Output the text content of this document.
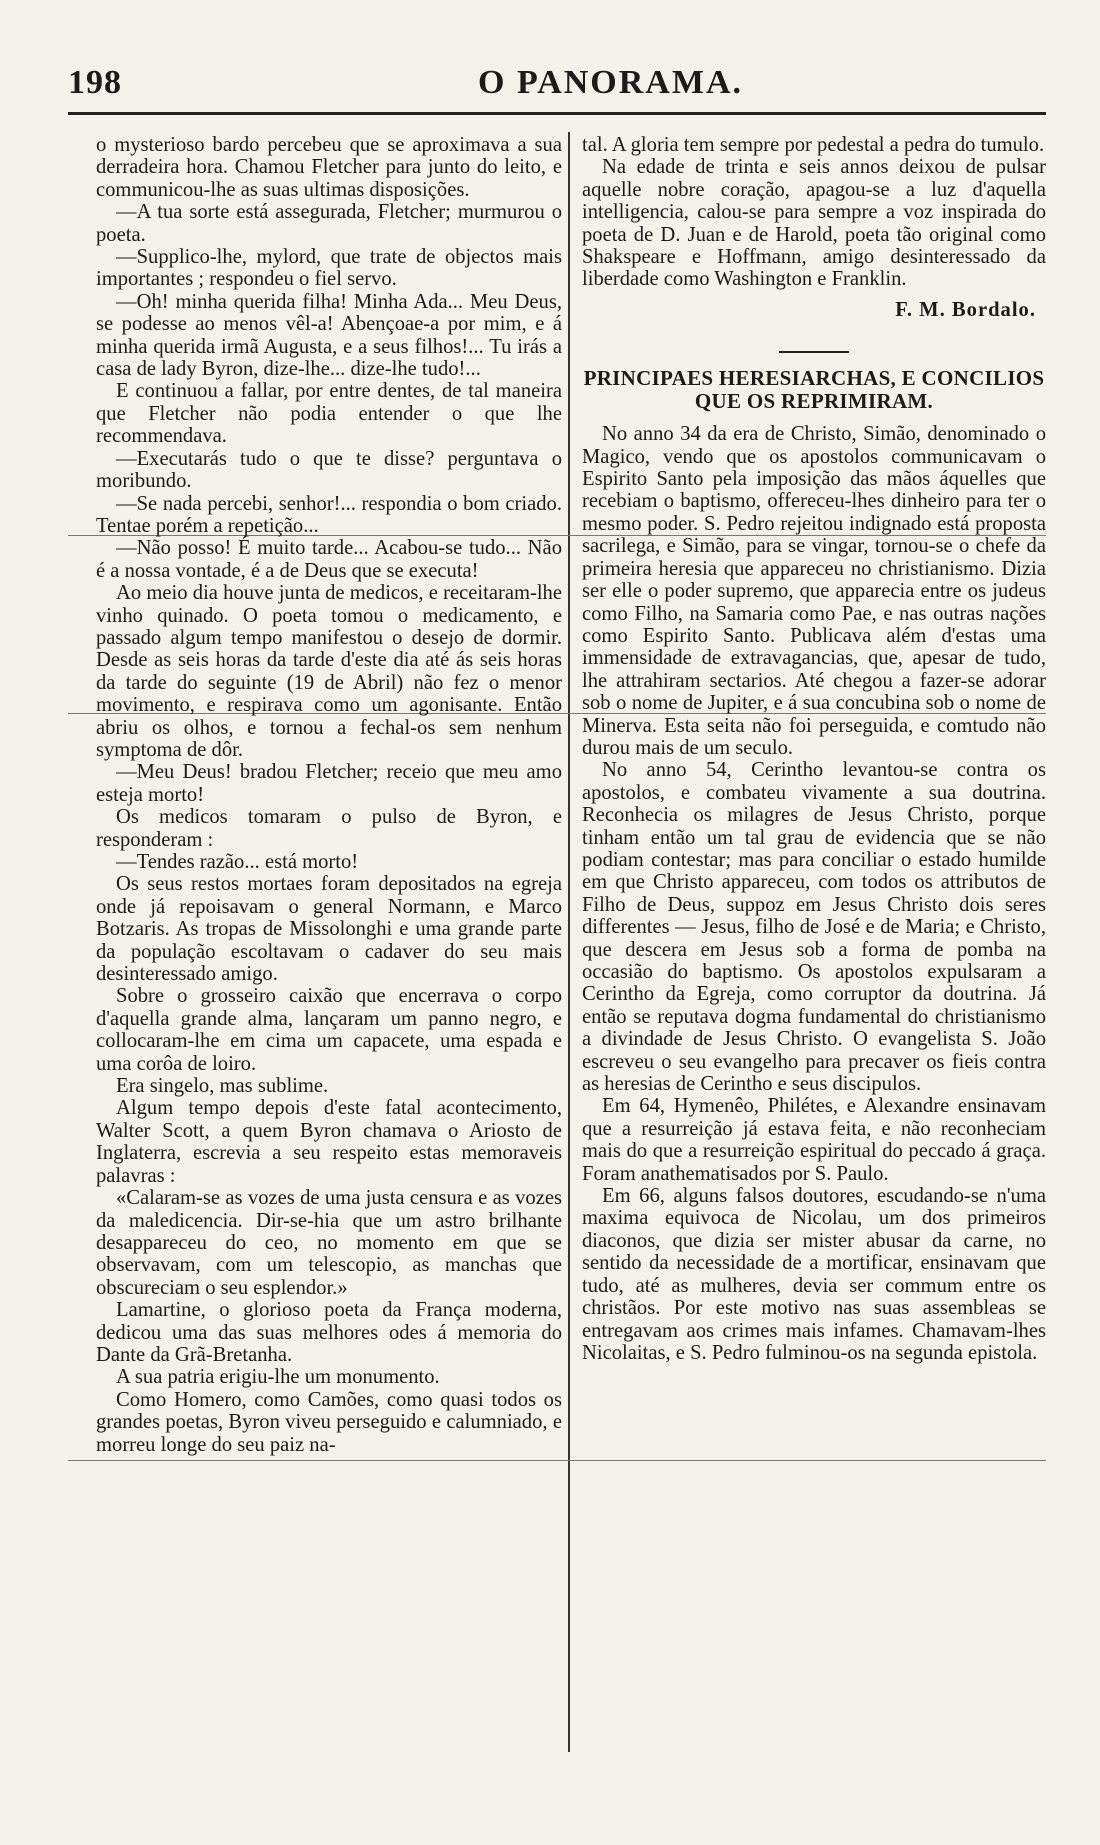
198	O PANORAMA.

o mysterioso bardo percebeu que se aproximava a sua derradeira hora. Chamou Fletcher para junto do leito, e communicou-lhe as suas ultimas disposições.

—A tua sorte está assegurada, Fletcher; murmurou o poeta.

—Supplico-lhe, mylord, que trate de objectos mais importantes ; respondeu o fiel servo.

—Oh! minha querida filha! Minha Ada... Meu Deus, se podesse ao menos vêl-a! Abençoae-a por mim, e á minha querida irmã Augusta, e a seus filhos!... Tu irás a casa de lady Byron, dize-lhe... dize-lhe tudo!...

E continuou a fallar, por entre dentes, de tal maneira que Fletcher não podia entender o que lhe recommendava.

—Executarás tudo o que te disse? perguntava o moribundo.

—Se nada percebi, senhor!... respondia o bom criado. Tentae porém a repetição...

—Não posso! É muito tarde... Acabou-se tudo... Não é a nossa vontade, é a de Deus que se executa!

Ao meio dia houve junta de medicos, e receitaram-lhe vinho quinado. O poeta tomou o medicamento, e passado algum tempo manifestou o desejo de dormir. Desde as seis horas da tarde d'este dia até ás seis horas da tarde do seguinte (19 de Abril) não fez o menor movimento, e respirava como um agonisante. Então abriu os olhos, e tornou a fechal-os sem nenhum symptoma de dôr.

—Meu Deus! bradou Fletcher; receio que meu amo esteja morto!

Os medicos tomaram o pulso de Byron, e responderam :

—Tendes razão... está morto!

Os seus restos mortaes foram depositados na egreja onde já repoisavam o general Normann, e Marco Botzaris. As tropas de Missolonghi e uma grande parte da população escoltavam o cadaver do seu mais desinteressado amigo.

Sobre o grosseiro caixão que encerrava o corpo d'aquella grande alma, lançaram um panno negro, e collocaram-lhe em cima um capacete, uma espada e uma corôa de loiro.

Era singelo, mas sublime.

Algum tempo depois d'este fatal acontecimento, Walter Scott, a quem Byron chamava o Ariosto de Inglaterra, escrevia a seu respeito estas memoraveis palavras :

«Calaram-se as vozes de uma justa censura e as vozes da maledicencia. Dir-se-hia que um astro brilhante desappareceu do ceo, no momento em que se observavam, com um telescopio, as manchas que obscureciam o seu esplendor.»

Lamartine, o glorioso poeta da França moderna, dedicou uma das suas melhores odes á memoria do Dante da Grã-Bretanha.

A sua patria erigiu-lhe um monumento.

Como Homero, como Camões, como quasi todos os grandes poetas, Byron viveu perseguido e calumniado, e morreu longe do seu paiz na-

tal. A gloria tem sempre por pedestal a pedra do tumulo.

Na edade de trinta e seis annos deixou de pulsar aquelle nobre coração, apagou-se a luz d'aquella intelligencia, calou-se para sempre a voz inspirada do poeta de D. Juan e de Harold, poeta tão original como Shakspeare e Hoffmann, amigo desinteressado da liberdade como Washington e Franklin.

F. M. Bordalo.
PRINCIPAES HERESIARCHAS, E CONCILIOS QUE OS REPRIMIRAM.

No anno 34 da era de Christo, Simão, denominado o Magico, vendo que os apostolos communicavam o Espirito Santo pela imposição das mãos áquelles que recebiam o baptismo, offereceu-lhes dinheiro para ter o mesmo poder. S. Pedro rejeitou indignado está proposta sacrilega, e Simão, para se vingar, tornou-se o chefe da primeira heresia que appareceu no christianismo. Dizia ser elle o poder supremo, que apparecia entre os judeus como Filho, na Samaria como Pae, e nas outras nações como Espirito Santo. Publicava além d'estas uma immensidade de extravagancias, que, apesar de tudo, lhe attrahiram sectarios. Até chegou a fazer-se adorar sob o nome de Jupiter, e á sua concubina sob o nome de Minerva. Esta seita não foi perseguida, e comtudo não durou mais de um seculo.

No anno 54, Cerintho levantou-se contra os apostolos, e combateu vivamente a sua doutrina. Reconhecia os milagres de Jesus Christo, porque tinham então um tal grau de evidencia que se não podiam contestar; mas para conciliar o estado humilde em que Christo appareceu, com todos os attributos de Filho de Deus, suppoz em Jesus Christo dois seres differentes — Jesus, filho de José e de Maria; e Christo, que descera em Jesus sob a forma de pomba na occasião do baptismo. Os apostolos expulsaram a Cerintho da Egreja, como corruptor da doutrina. Já então se reputava dogma fundamental do christianismo a divindade de Jesus Christo. O evangelista S. João escreveu o seu evangelho para precaver os fieis contra as heresias de Cerintho e seus discipulos.

Em 64, Hymenêo, Philétes, e Alexandre ensinavam que a resurreição já estava feita, e não reconheciam mais do que a resurreição espiritual do peccado á graça. Foram anathematisados por S. Paulo.

Em 66, alguns falsos doutores, escudando-se n'uma maxima equivoca de Nicolau, um dos primeiros diaconos, que dizia ser mister abusar da carne, no sentido da necessidade de a mortificar, ensinavam que tudo, até as mulheres, devia ser commum entre os christãos. Por este motivo nas suas assembleas se entregavam aos crimes mais infames. Chamavam-lhes Nicolaitas, e S. Pedro fulminou-os na segunda epistola.
